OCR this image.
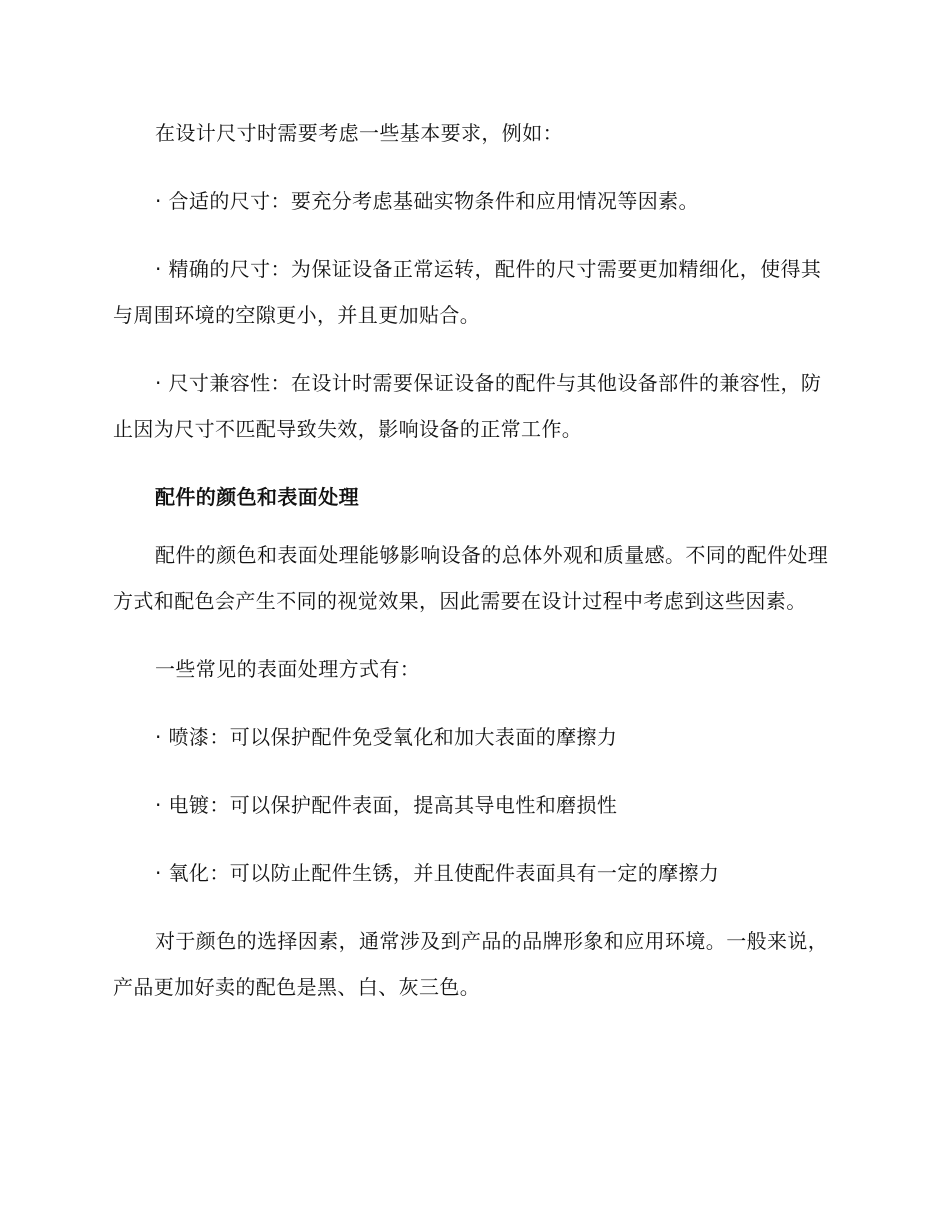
在设计尺寸时需要考虑一些基本要求，例如：

· 合适的尺寸：要充分考虑基础实物条件和应用情况等因素。

· 精确的尺寸：为保证设备正常运转，配件的尺寸需要更加精细化，使得其与周围环境的空隙更小，并且更加贴合。

· 尺寸兼容性：在设计时需要保证设备的配件与其他设备部件的兼容性，防止因为尺寸不匹配导致失效，影响设备的正常工作。

配件的颜色和表面处理

配件的颜色和表面处理能够影响设备的总体外观和质量感。不同的配件处理方式和配色会产生不同的视觉效果，因此需要在设计过程中考虑到这些因素。

一些常见的表面处理方式有：

· 喷漆：可以保护配件免受氧化和加大表面的摩擦力

· 电镀：可以保护配件表面，提高其导电性和磨损性

· 氧化：可以防止配件生锈，并且使配件表面具有一定的摩擦力

对于颜色的选择因素，通常涉及到产品的品牌形象和应用环境。一般来说，产品更加好卖的配色是黑、白、灰三色。
